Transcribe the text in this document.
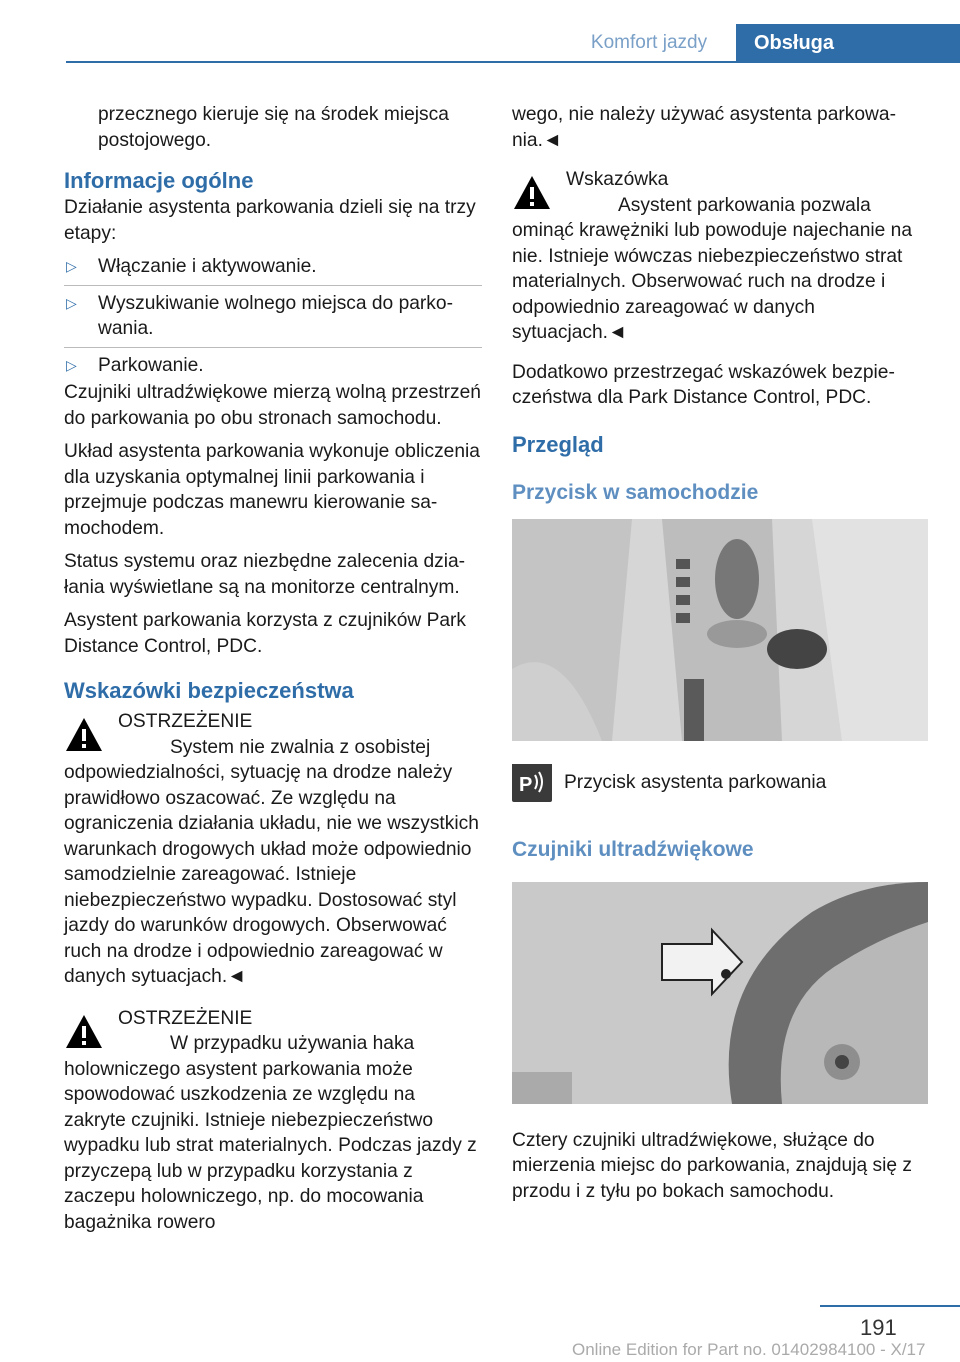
Komfort jazdy	Obsługa

przecznego kieruje się na środek miejsca postojowego.

Informacje ogólne

Działanie asystenta parkowania dzieli się na trzy etapy:

▷ Włączanie i aktywowanie.
▷ Wyszukiwanie wolnego miejsca do parkowania.
▷ Parkowanie.

Czujniki ultradźwiękowe mierzą wolną przestrzeń do parkowania po obu stronach samochodu.

Układ asystenta parkowania wykonuje obliczenia dla uzyskania optymalnej linii parkowania i przejmuje podczas manewru kierowanie samochodem.

Status systemu oraz niezbędne zalecenia działania wyświetlane są na monitorze centralnym.

Asystent parkowania korzysta z czujników Park Distance Control, PDC.

Wskazówki bezpieczeństwa
OSTRZEŻENIE
System nie zwalnia z osobistej odpowiedzialności, sytuację na drodze należy prawidłowo oszacować. Ze względu na ograniczenia działania układu, nie we wszystkich warunkach drogowych układ może odpowiednio samodzielnie zareagować. Istnieje niebezpieczeństwo wypadku. Dostosować styl jazdy do warunków drogowych. Obserwować ruch na drodze i odpowiednio zareagować w danych sytuacjach.◄
OSTRZEŻENIE
W przypadku używania haka holowniczego asystent parkowania może spowodować uszkodzenia ze względu na zakryte czujniki. Istnieje niebezpieczeństwo wypadku lub strat materialnych. Podczas jazdy z przyczepą lub w przypadku korzystania z zaczepu holowniczego, np. do mocowania bagażnika rowero

wego, nie należy używać asystenta parkowania.◄

Wskazówka
Asystent parkowania pozwala ominąć krawężniki lub powoduje najechanie na nie. Istnieje wówczas niebezpieczeństwo strat materialnych. Obserwować ruch na drodze i odpowiednio zareagować w danych sytuacjach.◄

Dodatkowo przestrzegać wskazówek bezpieczeństwa dla Park Distance Control, PDC.

Przegląd
Przycisk w samochodzie
P	Przycisk asystenta parkowania
Czujniki ultradźwiękowe

Cztery czujniki ultradźwiękowe, służące do mierzenia miejsc do parkowania, znajdują się z przodu i z tyłu po bokach samochodu.

191
Online Edition for Part no. 01402984100 - X/17
